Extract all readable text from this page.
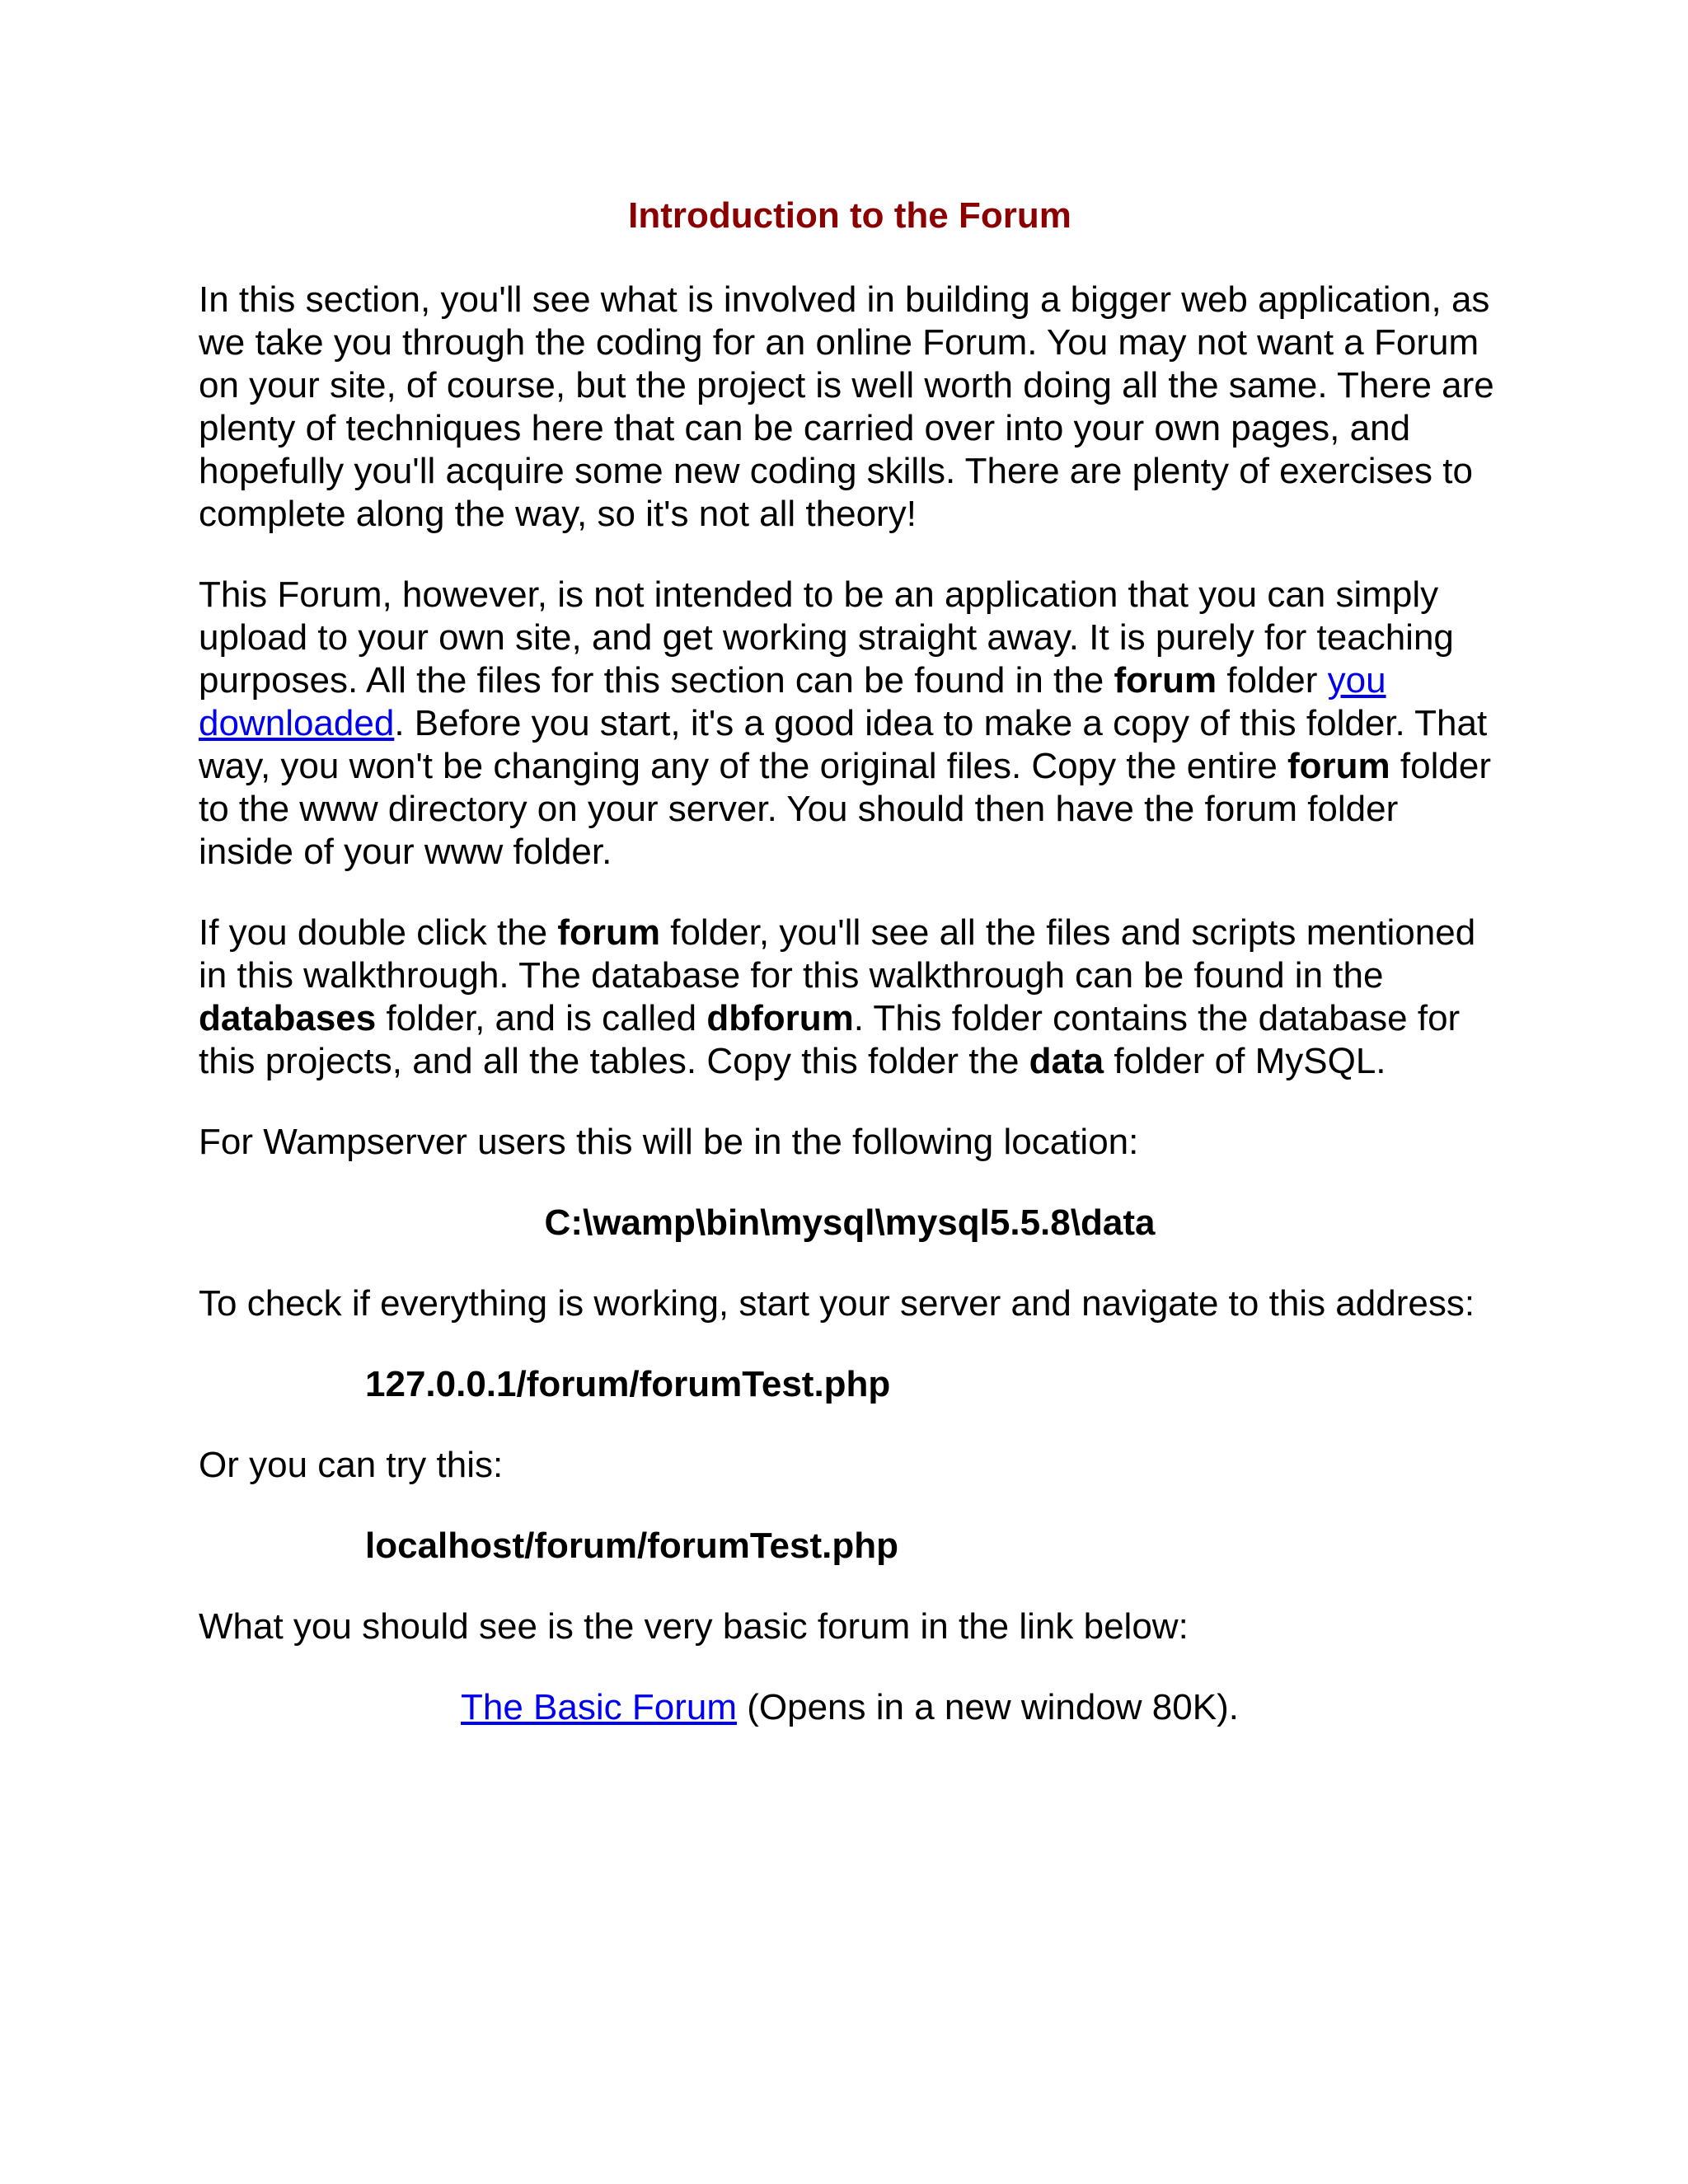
Introduction to the Forum

In this section, you'll see what is involved in building a bigger web application, as we take you through the coding for an online Forum. You may not want a Forum on your site, of course, but the project is well worth doing all the same. There are plenty of techniques here that can be carried over into your own pages, and hopefully you'll acquire some new coding skills. There are plenty of exercises to complete along the way, so it's not all theory!

This Forum, however, is not intended to be an application that you can simply upload to your own site, and get working straight away. It is purely for teaching purposes. All the files for this section can be found in the forum folder you downloaded. Before you start, it's a good idea to make a copy of this folder. That way, you won't be changing any of the original files. Copy the entire forum folder to the www directory on your server. You should then have the forum folder inside of your www folder.

If you double click the forum folder, you'll see all the files and scripts mentioned in this walkthrough. The database for this walkthrough can be found in the databases folder, and is called dbforum. This folder contains the database for this projects, and all the tables. Copy this folder the data folder of MySQL.

For Wampserver users this will be in the following location:

C:\wamp\bin\mysql\mysql5.5.8\data

To check if everything is working, start your server and navigate to this address:

127.0.0.1/forum/forumTest.php

Or you can try this:

localhost/forum/forumTest.php

What you should see is the very basic forum in the link below:

The Basic Forum (Opens in a new window 80K).
